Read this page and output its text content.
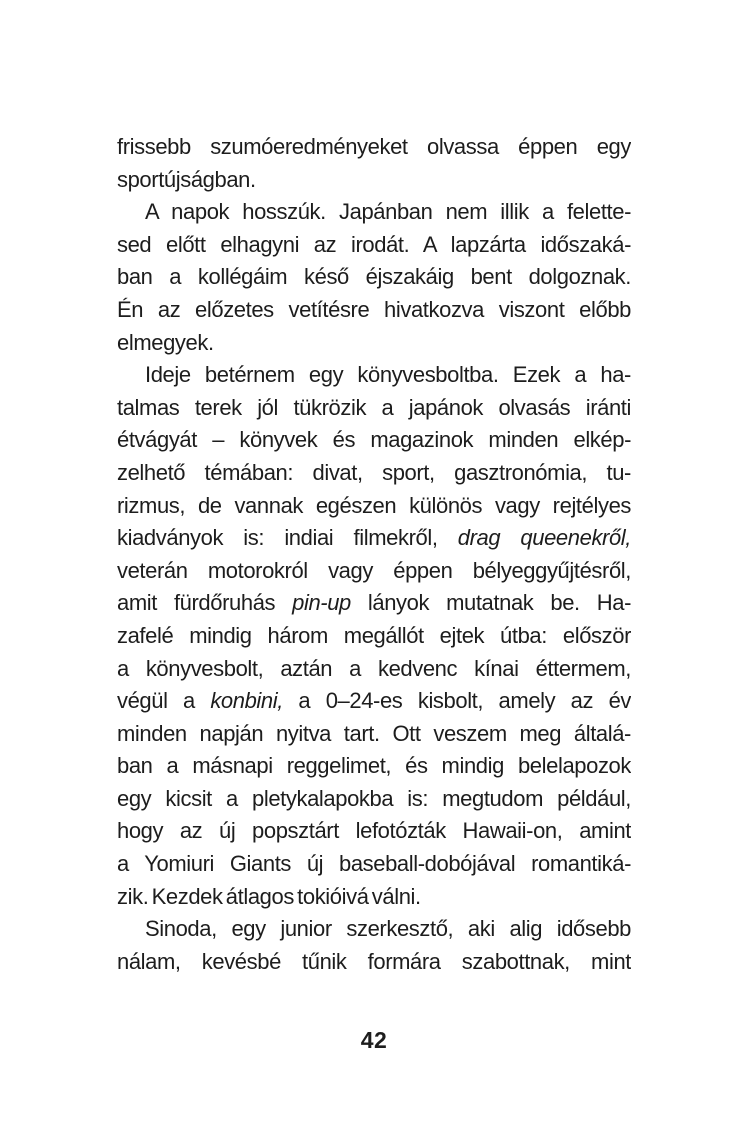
frissebb szumóeredményeket olvassa éppen egy
sportújságban.
A napok hosszúk. Japánban nem illik a felette-
sed előtt elhagyni az irodát. A lapzárta időszaká-
ban a kollégáim késő éjszakáig bent dolgoznak.
Én az előzetes vetítésre hivatkozva viszont előbb
elmegyek.
Ideje betérnem egy könyvesboltba. Ezek a ha-
talmas terek jól tükrözik a japánok olvasás iránti
étvágyát – könyvek és magazinok minden elkép-
zelhető témában: divat, sport, gasztronómia, tu-
rizmus, de vannak egészen különös vagy rejtélyes
kiadványok is: indiai filmekről, drag queenekről,
veterán motorokról vagy éppen bélyeggyűjtésről,
amit fürdőruhás pin-up lányok mutatnak be. Ha-
zafelé mindig három megállót ejtek útba: először
a könyvesbolt, aztán a kedvenc kínai éttermem,
végül a konbini, a 0–24-es kisbolt, amely az év
minden napján nyitva tart. Ott veszem meg általá-
ban a másnapi reggelimet, és mindig belelapozok
egy kicsit a pletykalapokba is: megtudom például,
hogy az új popsztárt lefotózták Hawaii-on, amint
a Yomiuri Giants új baseball-dobójával romantiká-
zik. Kezdek átlagos tokióivá válni.
Sinoda, egy junior szerkesztő, aki alig idősebb
nálam, kevésbé tűnik formára szabottnak, mint
42
